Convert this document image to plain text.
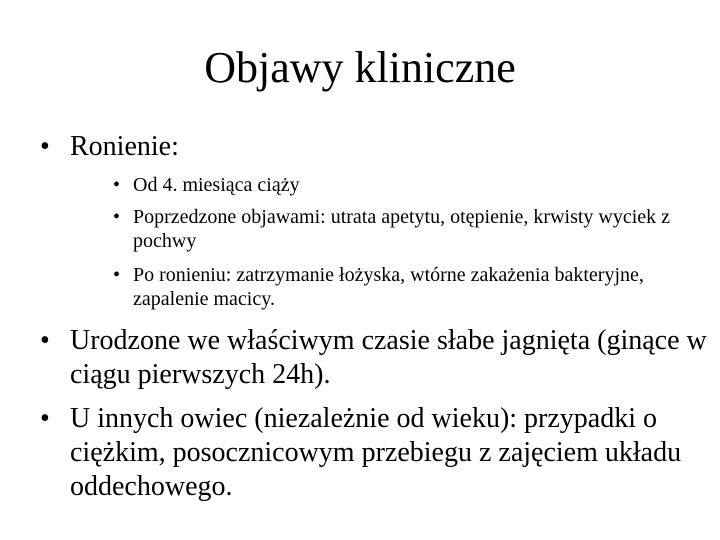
Objawy kliniczne
• Ronienie:
• Od 4. miesiąca ciąży
• Poprzedzone objawami: utrata apetytu, otępienie, krwisty wyciek z pochwy
• Po ronieniu: zatrzymanie łożyska, wtórne zakażenia bakteryjne, zapalenie macicy.
• Urodzone we właściwym czasie słabe jagnięta (ginące w ciągu pierwszych 24h).
• U innych owiec (niezależnie od wieku): przypadki o ciężkim, posocznicowym przebiegu z zajęciem układu oddechowego.
